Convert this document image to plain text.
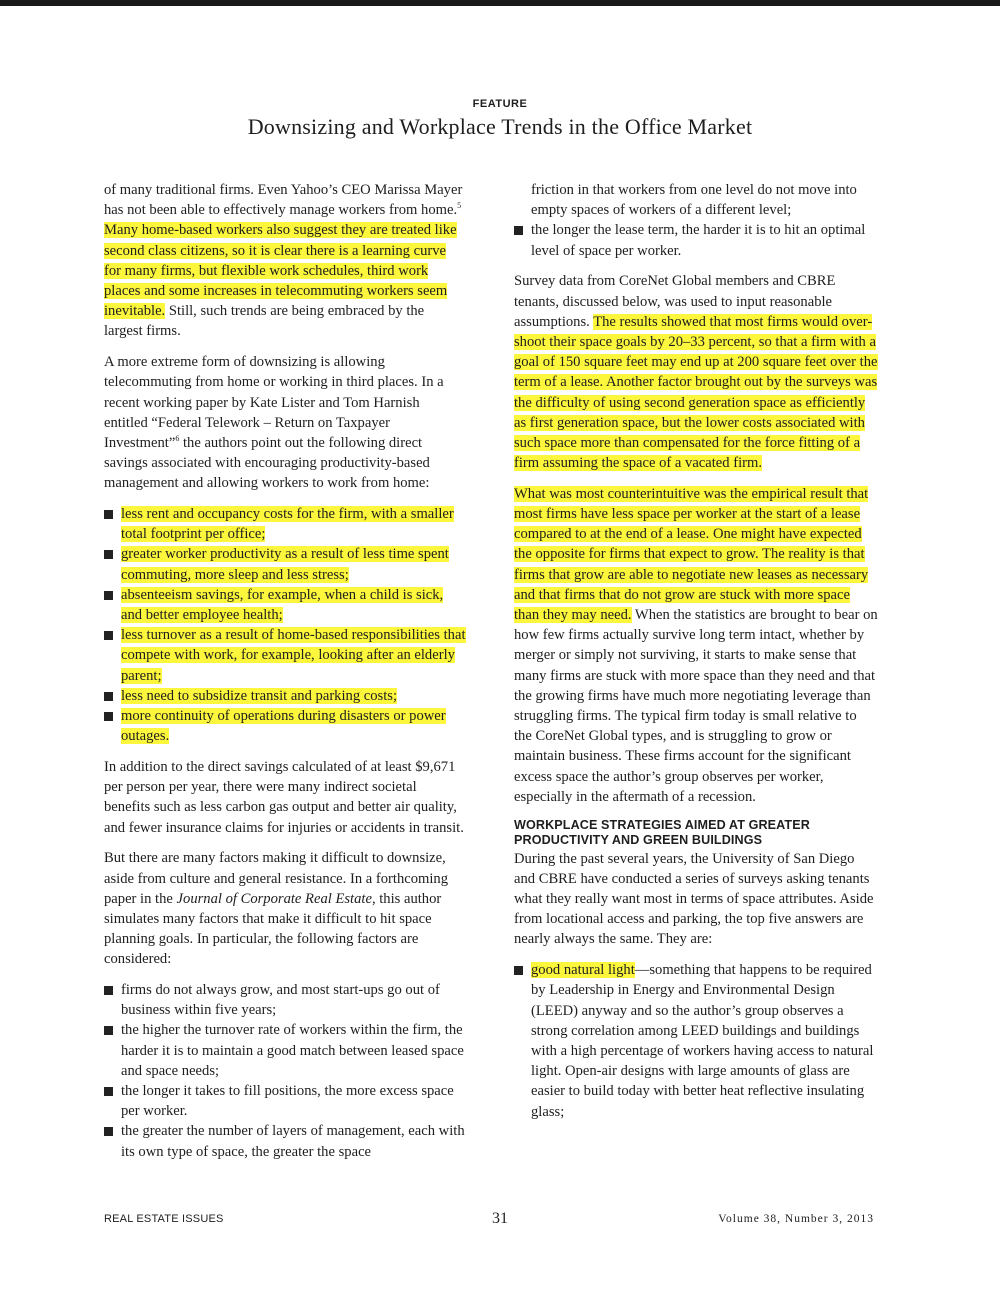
FEATURE
Downsizing and Workplace Trends in the Office Market

of many traditional firms. Even Yahoo’s CEO Marissa Mayer has not been able to effectively manage workers from home.$^5$ Many home-based workers also suggest they are treated like second class citizens, so it is clear there is a learning curve for many firms, but flexible work schedules, third work places and some increases in telecommuting workers seem inevitable. Still, such trends are being embraced by the largest firms.

A more extreme form of downsizing is allowing telecommuting from home or working in third places. In a recent working paper by Kate Lister and Tom Harnish entitled “Federal Telework – Return on Taxpayer Investment”$^6$ the authors point out the following direct savings associated with encouraging productivity-based management and allowing workers to work from home:

less rent and occupancy costs for the firm, with a smaller total footprint per office;
greater worker productivity as a result of less time spent commuting, more sleep and less stress;
absenteeism savings, for example, when a child is sick, and better employee health;
less turnover as a result of home-based responsibilities that compete with work, for example, looking after an elderly parent;
less need to subsidize transit and parking costs;
more continuity of operations during disasters or power outages.

In addition to the direct savings calculated of at least $9,671 per person per year, there were many indirect societal benefits such as less carbon gas output and better air quality, and fewer insurance claims for injuries or accidents in transit.

But there are many factors making it difficult to downsize, aside from culture and general resistance. In a forthcoming paper in the Journal of Corporate Real Estate, this author simulates many factors that make it difficult to hit space planning goals. In particular, the following factors are considered:

firms do not always grow, and most start-ups go out of business within five years;
the higher the turnover rate of workers within the firm, the harder it is to maintain a good match between leased space and space needs;
the longer it takes to fill positions, the more excess space per worker.
the greater the number of layers of management, each with its own type of space, the greater the space
friction in that workers from one level do not move into empty spaces of workers of a different level;
the longer the lease term, the harder it is to hit an optimal level of space per worker.

Survey data from CoreNet Global members and CBRE tenants, discussed below, was used to input reasonable assumptions. The results showed that most firms would over-shoot their space goals by 20–33 percent, so that a firm with a goal of 150 square feet may end up at 200 square feet over the term of a lease. Another factor brought out by the surveys was the difficulty of using second generation space as efficiently as first generation space, but the lower costs associated with such space more than compensated for the force fitting of a firm assuming the space of a vacated firm.

What was most counterintuitive was the empirical result that most firms have less space per worker at the start of a lease compared to at the end of a lease. One might have expected the opposite for firms that expect to grow. The reality is that firms that grow are able to negotiate new leases as necessary and that firms that do not grow are stuck with more space than they may need. When the statistics are brought to bear on how few firms actually survive long term intact, whether by merger or simply not surviving, it starts to make sense that many firms are stuck with more space than they need and that the growing firms have much more negotiating leverage than struggling firms. The typical firm today is small relative to the CoreNet Global types, and is struggling to grow or maintain business. These firms account for the significant excess space the author’s group observes per worker, especially in the aftermath of a recession.

WORKPLACE STRATEGIES AIMED AT GREATER PRODUCTIVITY AND GREEN BUILDINGS

During the past several years, the University of San Diego and CBRE have conducted a series of surveys asking tenants what they really want most in terms of space attributes. Aside from locational access and parking, the top five answers are nearly always the same. They are:

good natural light—something that happens to be required by Leadership in Energy and Environmental Design (LEED) anyway and so the author’s group observes a strong correlation among LEED buildings and buildings with a high percentage of workers having access to natural light. Open-air designs with large amounts of glass are easier to build today with better heat reflective insulating glass;
REAL ESTATE ISSUES	31	Volume 38, Number 3, 2013
